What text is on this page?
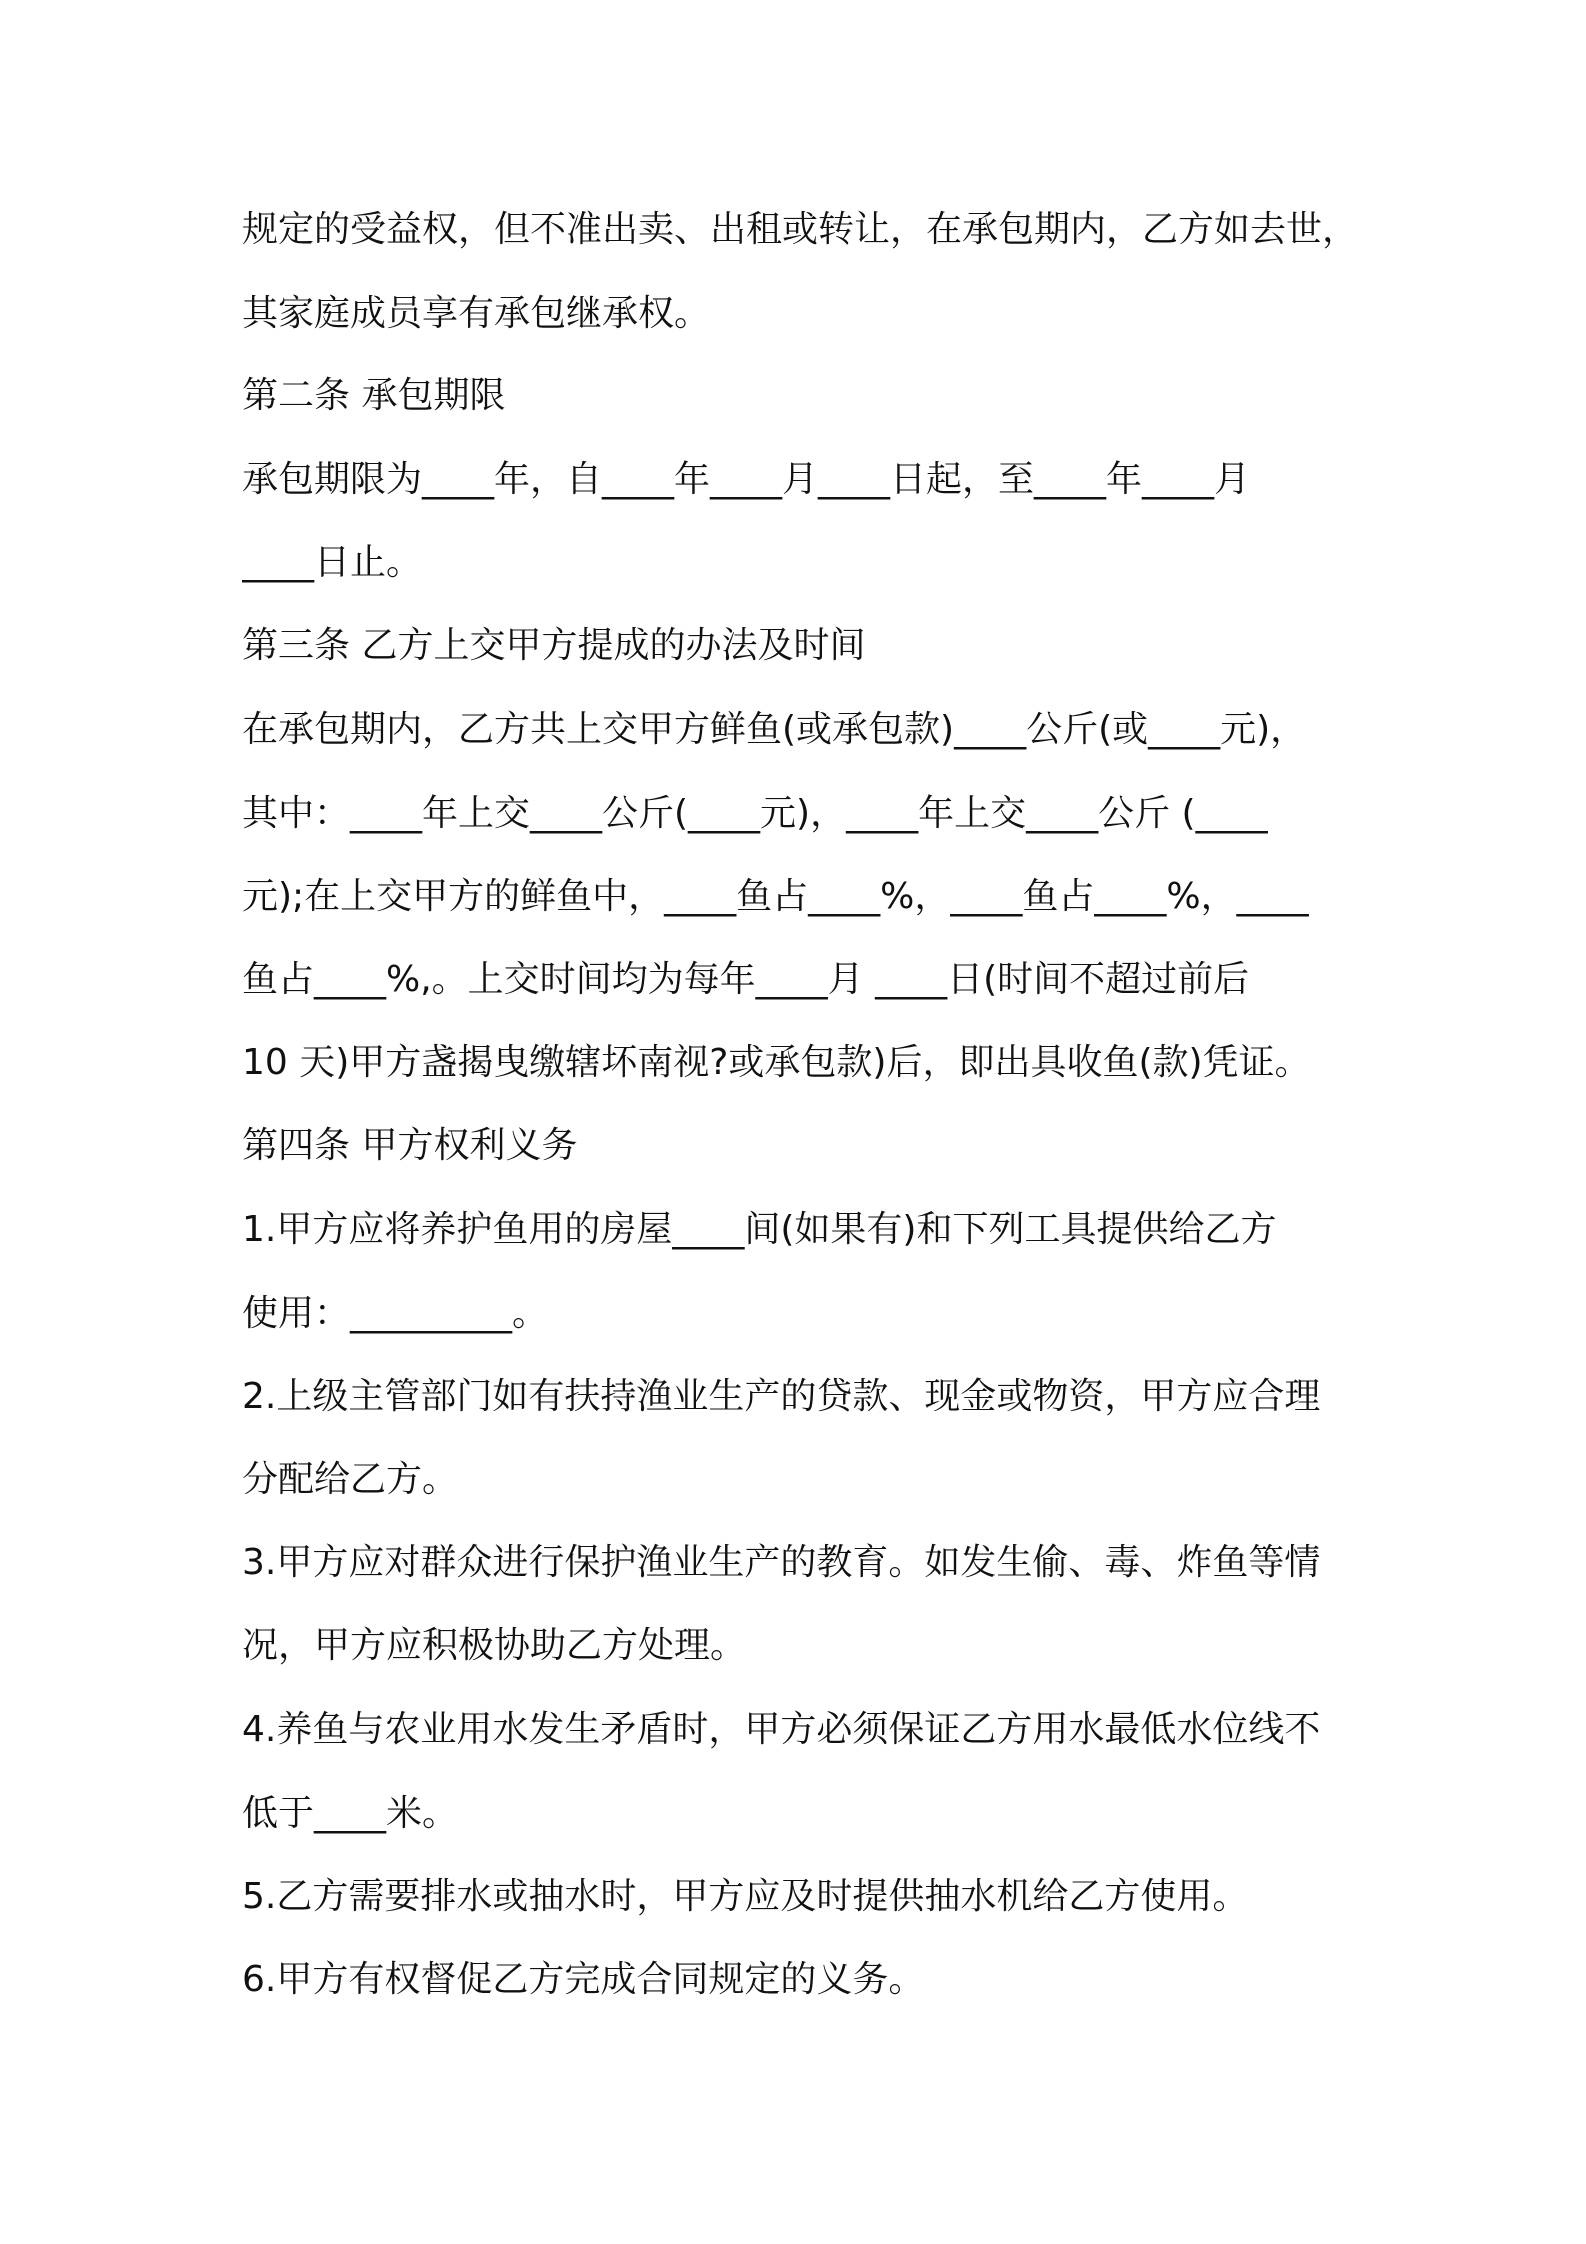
规定的受益权，但不准出卖、出租或转让，在承包期内，乙方如去世，
其家庭成员享有承包继承权。
第二条 承包期限
承包期限为____年，自____年____月____日起，至____年____月
____日止。
第三条 乙方上交甲方提成的办法及时间
在承包期内，乙方共上交甲方鲜鱼(或承包款)____公斤(或____元)，
其中：____年上交____公斤(____元)，____年上交____公斤 (____
元);在上交甲方的鲜鱼中，____鱼占____%，____鱼占____%，____
鱼占____%,。上交时间均为每年____月 ____日(时间不超过前后
10 天)甲方盏揭曳缴辖坏南视?或承包款)后，即出具收鱼(款)凭证。
第四条 甲方权利义务
1.甲方应将养护鱼用的房屋____间(如果有)和下列工具提供给乙方
使用：_________。
2.上级主管部门如有扶持渔业生产的贷款、现金或物资，甲方应合理
分配给乙方。
3.甲方应对群众进行保护渔业生产的教育。如发生偷、毒、炸鱼等情
况，甲方应积极协助乙方处理。
4.养鱼与农业用水发生矛盾时，甲方必须保证乙方用水最低水位线不
低于____米。
5.乙方需要排水或抽水时，甲方应及时提供抽水机给乙方使用。
6.甲方有权督促乙方完成合同规定的义务。
